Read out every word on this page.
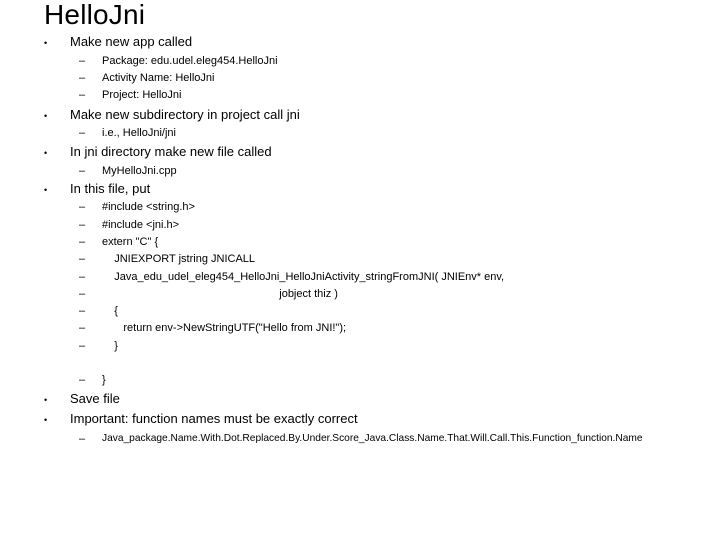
HelloJni
• Make new app called
– Package: edu.udel.eleg454.HelloJni
– Activity Name: HelloJni
– Project: HelloJni
• Make new subdirectory in project call jni
– i.e., HelloJni/jni
• In jni directory make new file called
– MyHelloJni.cpp
• In this file, put
– #include <string.h>
– #include <jni.h>
– extern "C" {
– JNIEXPORT jstring JNICALL
– Java_edu_udel_eleg454_HelloJni_HelloJniActivity_stringFromJNI( JNIEnv* env,
– jobject thiz )
– {
– return env->NewStringUTF("Hello from JNI!");
– }
– }
• Save file
• Important: function names must be exactly correct
– Java_package.Name.With.Dot.Replaced.By.Under.Score_Java.Class.Name.That.Will.Call.This.Function_function.Name
